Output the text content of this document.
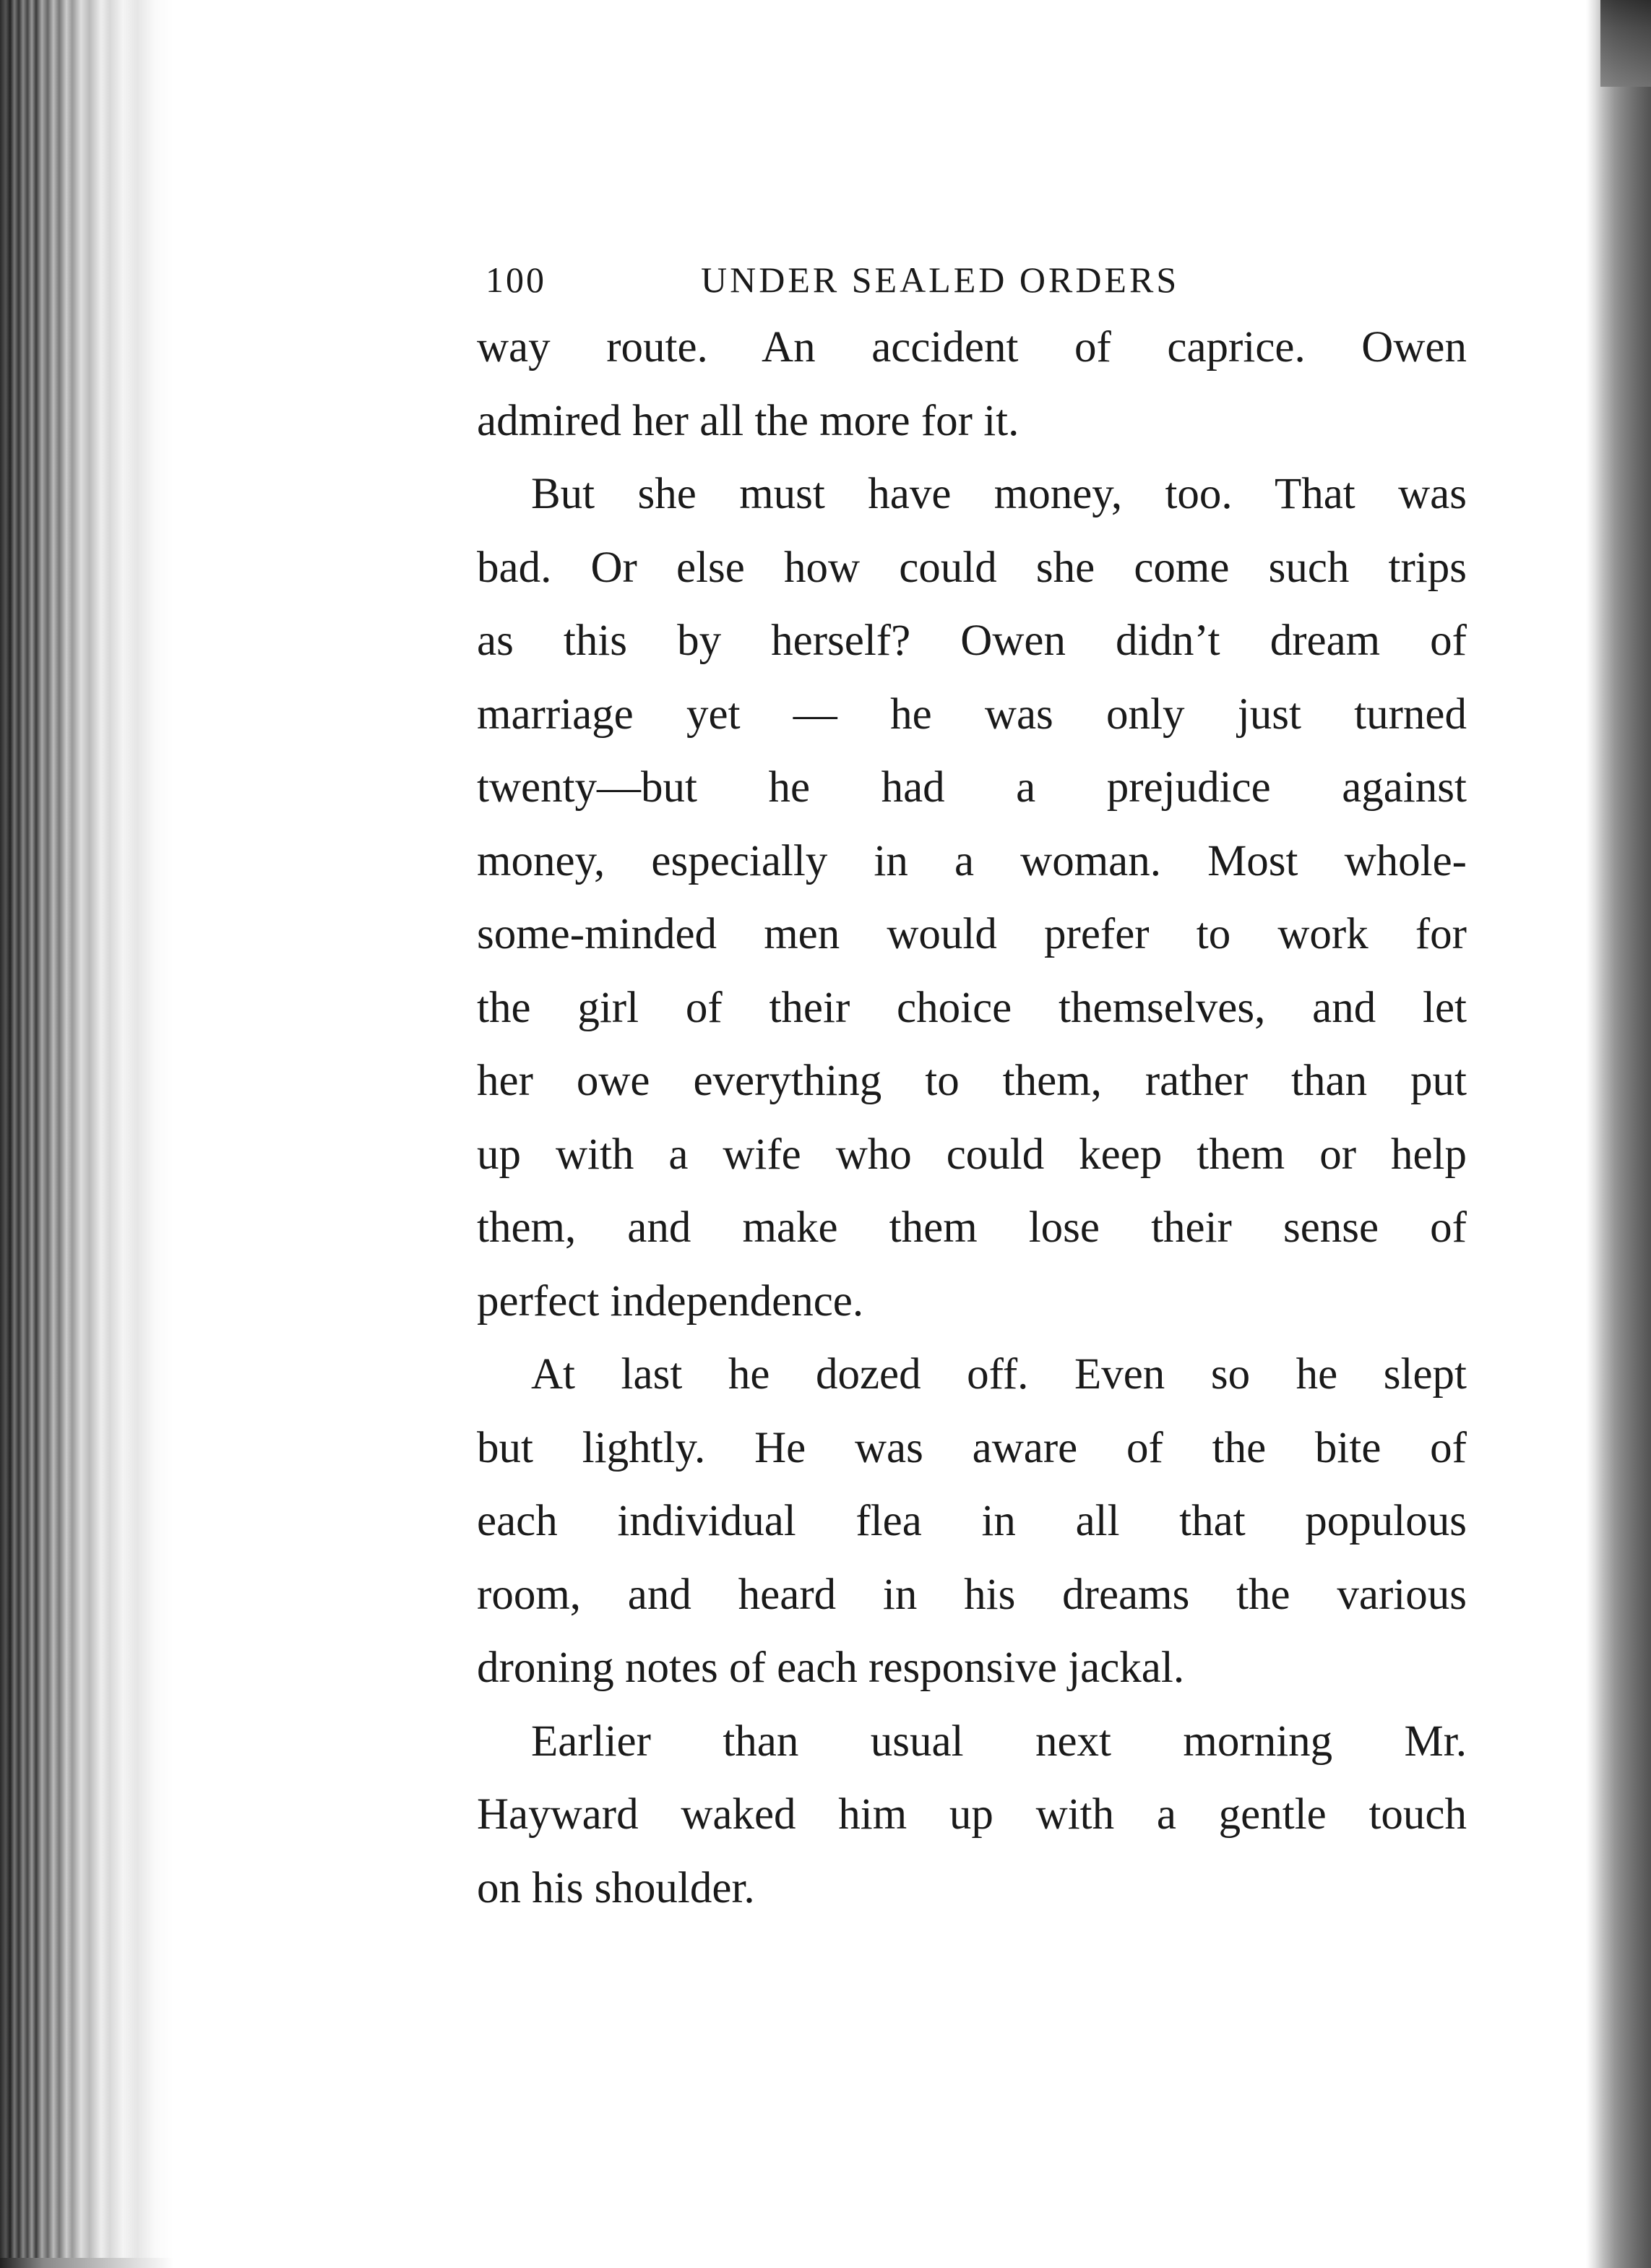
100	UNDER SEALED ORDERS
way route. An accident of caprice. Owen
admired her all the more for it.
But she must have money, too. That was
bad. Or else how could she come such trips
as this by herself? Owen didn’t dream of
marriage yet — he was only just turned
twenty—but he had a prejudice against
money, especially in a woman. Most whole-
some-minded men would prefer to work for
the girl of their choice themselves, and let
her owe everything to them, rather than put
up with a wife who could keep them or help
them, and make them lose their sense of
perfect independence.
At last he dozed off. Even so he slept
but lightly. He was aware of the bite of
each individual flea in all that populous
room, and heard in his dreams the various
droning notes of each responsive jackal.
Earlier than usual next morning Mr.
Hayward waked him up with a gentle touch
on his shoulder.
